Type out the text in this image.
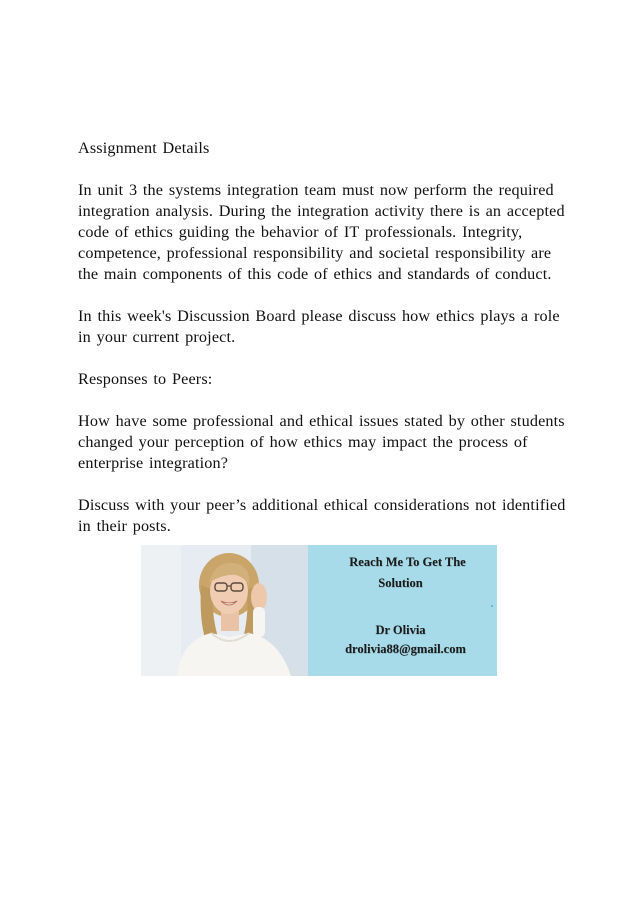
Assignment Details

In unit 3 the systems integration team must now perform the required integration analysis. During the integration activity there is an accepted code of ethics guiding the behavior of IT professionals. Integrity, competence, professional responsibility and societal responsibility are the main components of this code of ethics and standards of conduct.

In this week's Discussion Board please discuss how ethics plays a role in your current project.

Responses to Peers:

How have some professional and ethical issues stated by other students changed your perception of how ethics may impact the process of enterprise integration?

Discuss with your peer’s additional ethical considerations not identified in their posts.

Reach Me To Get The
Solution
Dr Olivia
drolivia88@gmail.com
